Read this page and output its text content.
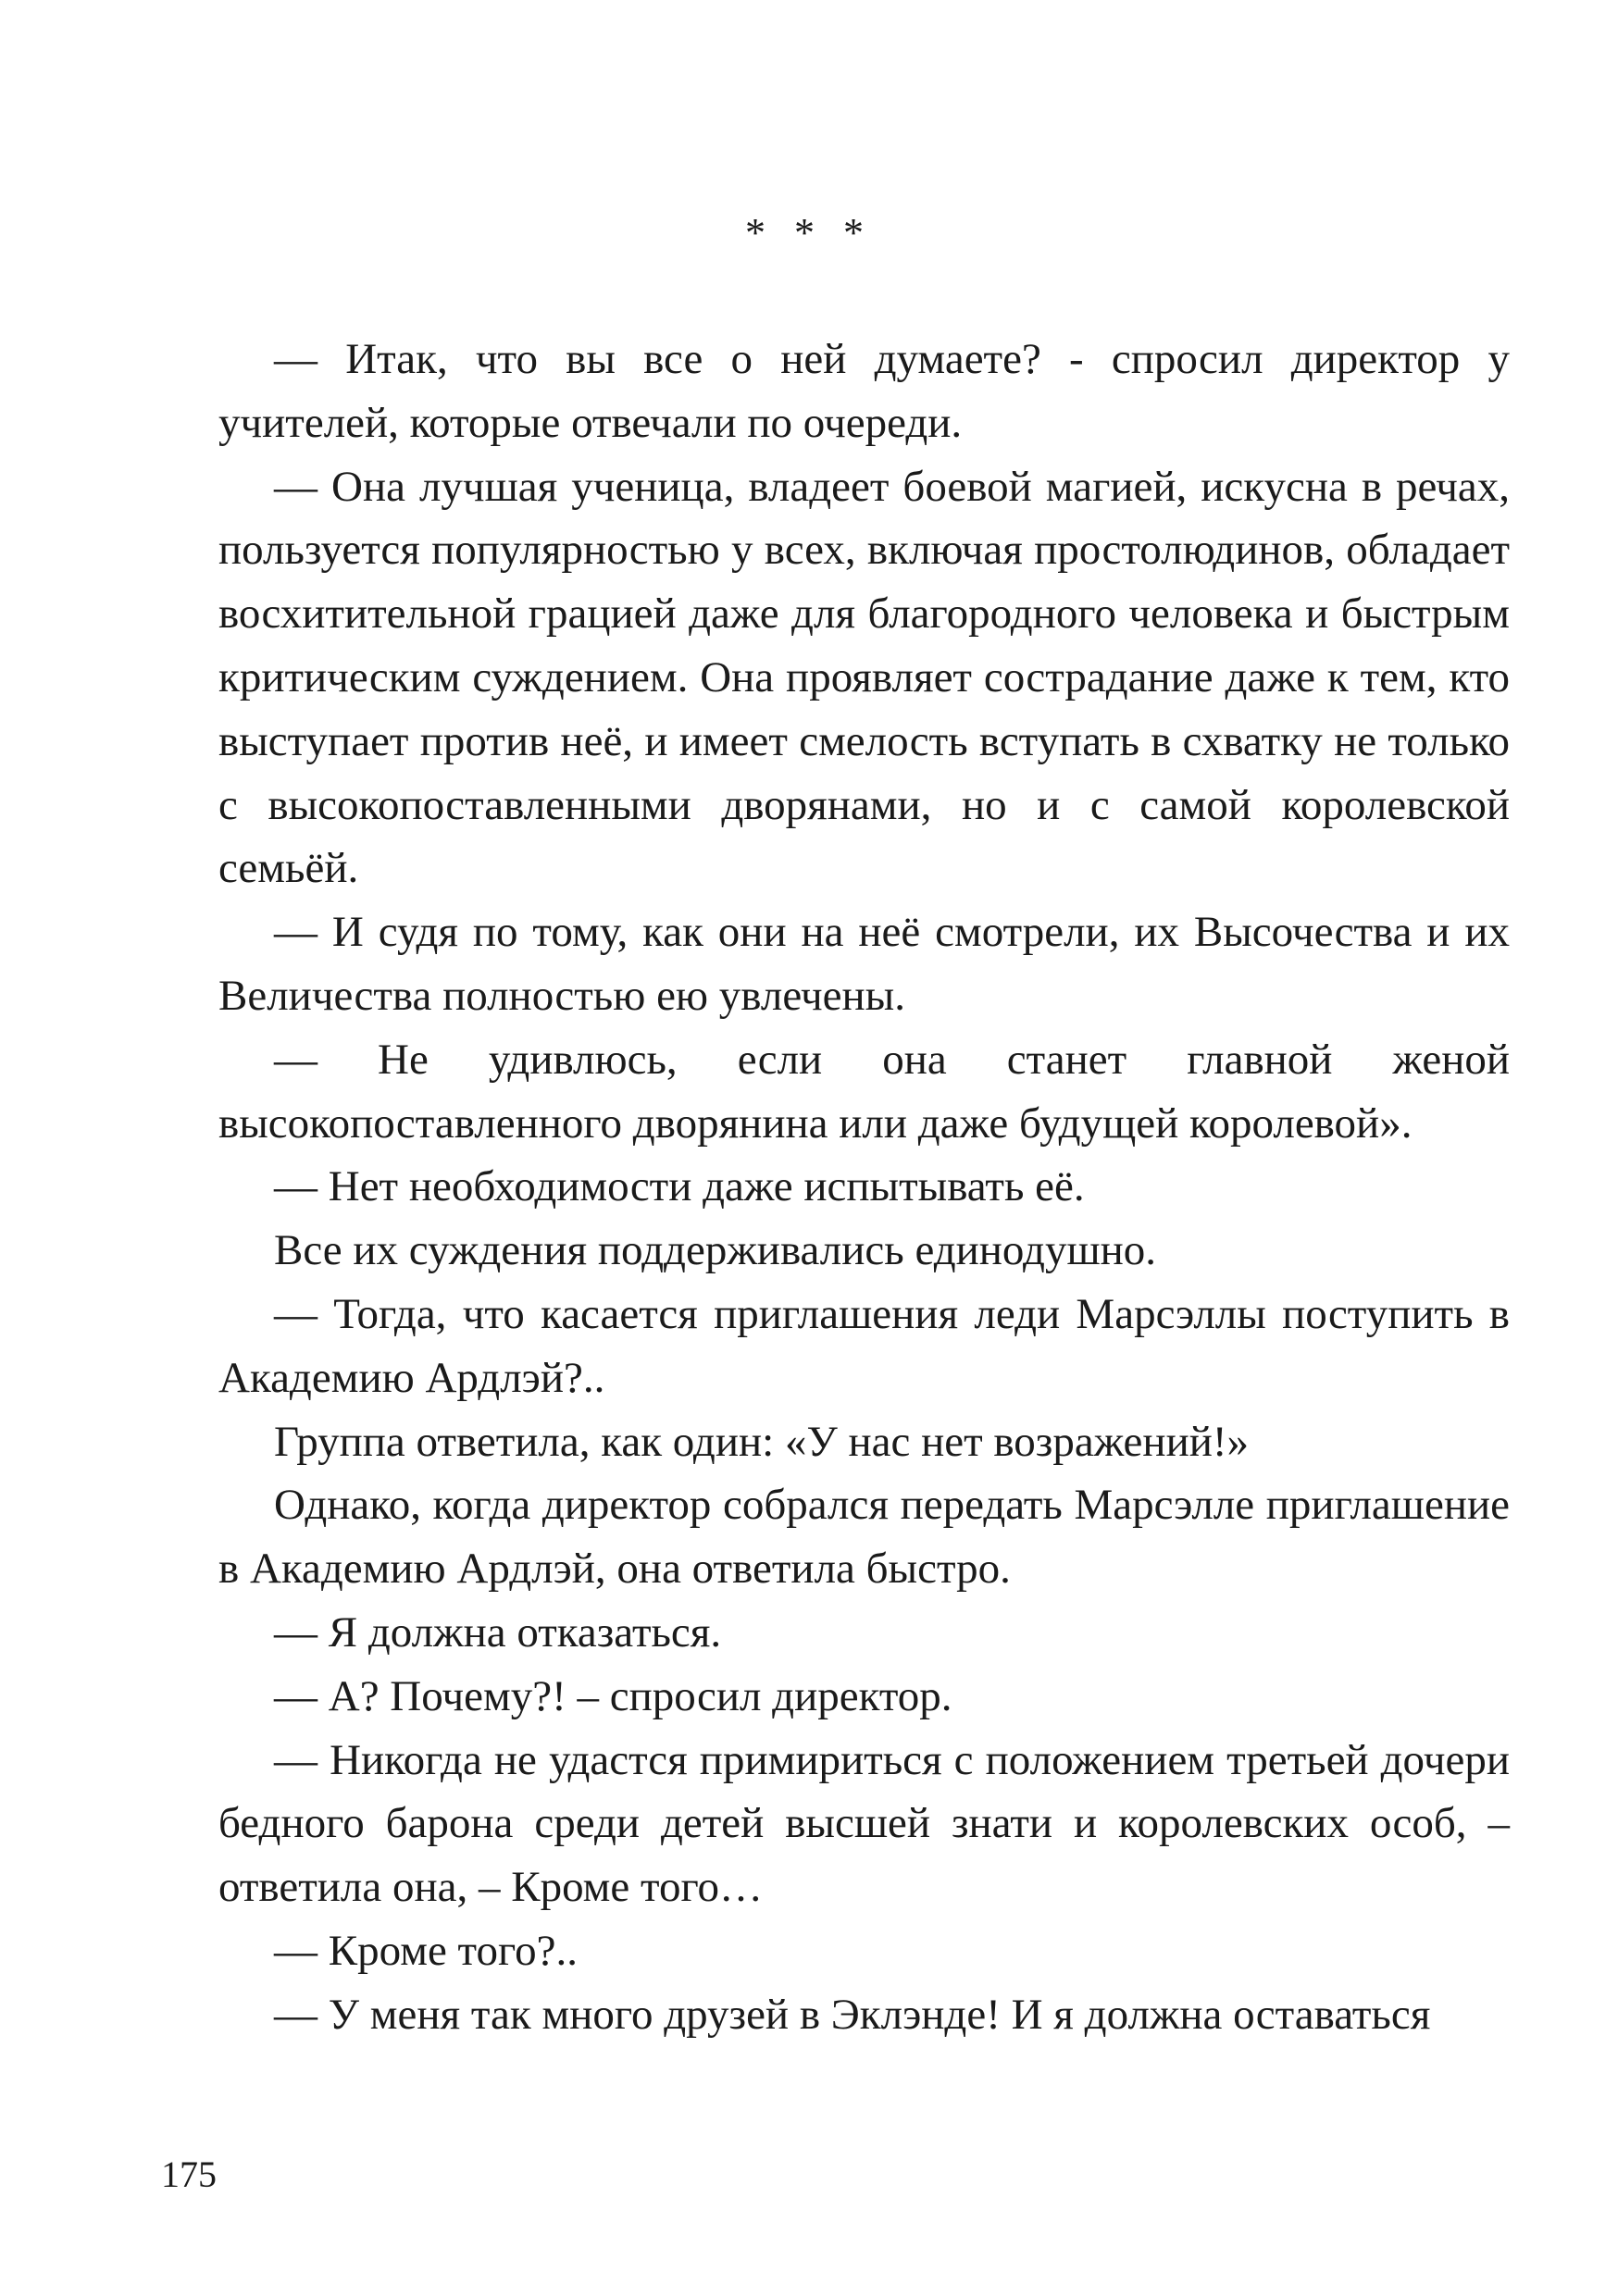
* * *

— Итак, что вы все о ней думаете? - спросил директор у учителей, которые отвечали по очереди.

— Она лучшая ученица, владеет боевой магией, искусна в речах, пользуется популярностью у всех, включая простолюдинов, обладает восхитительной грацией даже для благородного человека и быстрым критическим суждением. Она проявляет сострадание даже к тем, кто выступает против неё, и имеет смелость вступать в схватку не только с высокопоставленными дворянами, но и с самой королевской семьёй.

— И судя по тому, как они на неё смотрели, их Высочества и их Величества полностью ею увлечены.

— Не удивлюсь, если она станет главной женой высокопоставленного дворянина или даже будущей королевой».

— Нет необходимости даже испытывать её.

Все их суждения поддерживались единодушно.

— Тогда, что касается приглашения леди Марсэллы поступить в Академию Ардлэй?..

Группа ответила, как один: «У нас нет возражений!»

Однако, когда директор собрался передать Марсэлле приглашение в Академию Ардлэй, она ответила быстро.

— Я должна отказаться.

— А? Почему?! – спросил директор.

— Никогда не удастся примириться с положением третьей дочери бедного барона среди детей высшей знати и королевских особ, – ответила она, – Кроме того…

— Кроме того?..

— У меня так много друзей в Эклэнде! И я должна оставаться

175
